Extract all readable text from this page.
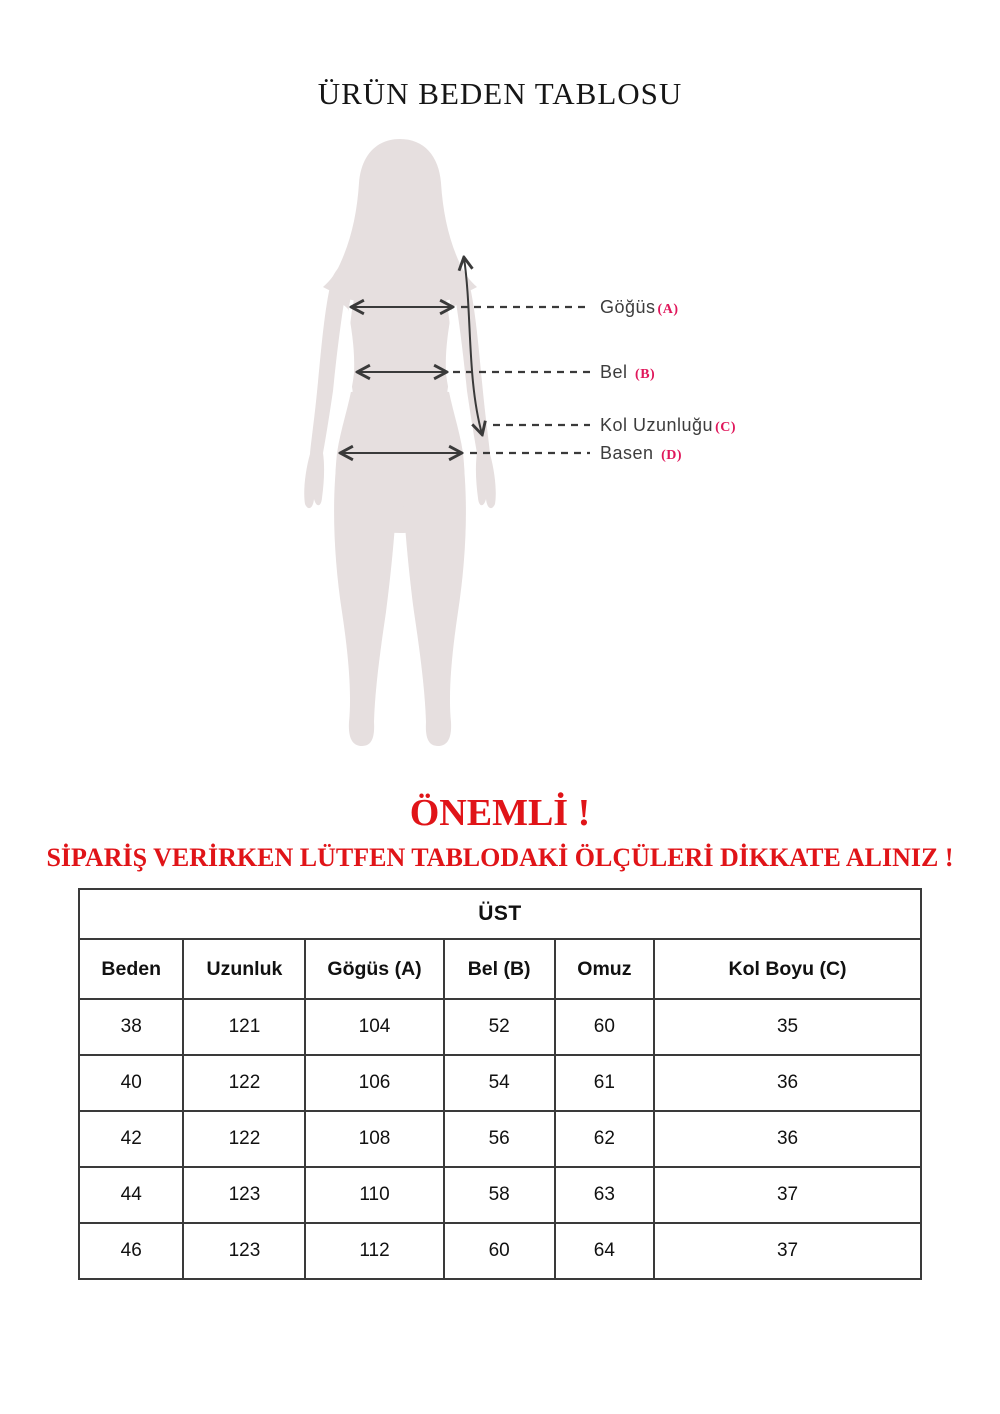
ÜRÜN BEDEN TABLOSU
Göğüs (A)
Bel (B)
Kol Uzunluğu (C)
Basen (D)
ÖNEMLİ !
SİPARİŞ VERİRKEN LÜTFEN TABLODAKİ ÖLÇÜLERİ DİKKATE ALINIZ !
ÜST					
Beden	Uzunluk	Gögüs (A)	Bel (B)	Omuz	Kol Boyu (C)
38	121	104	52	60	35
40	122	106	54	61	36
42	122	108	56	62	36
44	123	110	58	63	37
46	123	112	60	64	37
